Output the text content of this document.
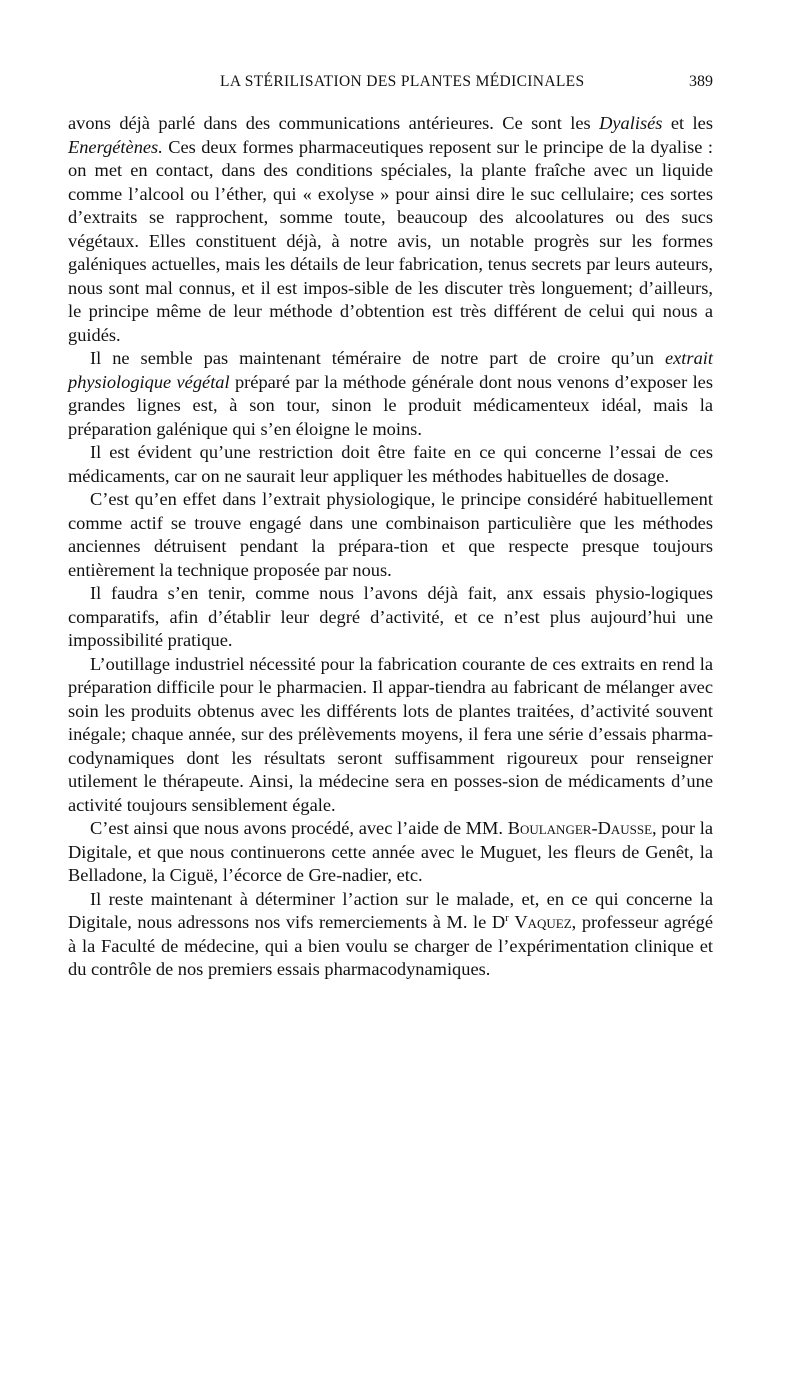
LA STÉRILISATION DES PLANTES MÉDICINALES	389

avons déjà parlé dans des communications antérieures. Ce sont les Dyalisés et les Energétènes. Ces deux formes pharmaceutiques reposent sur le principe de la dyalise : on met en contact, dans des conditions spéciales, la plante fraîche avec un liquide comme l’alcool ou l’éther, qui « exolyse » pour ainsi dire le suc cellulaire; ces sortes d’extraits se rapprochent, somme toute, beaucoup des alcoolatures ou des sucs végétaux. Elles constituent déjà, à notre avis, un notable progrès sur les formes galéniques actuelles, mais les détails de leur fabrication, tenus secrets par leurs auteurs, nous sont mal connus, et il est impos-sible de les discuter très longuement; d’ailleurs, le principe même de leur méthode d’obtention est très différent de celui qui nous a guidés.

Il ne semble pas maintenant téméraire de notre part de croire qu’un extrait physiologique végétal préparé par la méthode générale dont nous venons d’exposer les grandes lignes est, à son tour, sinon le produit médicamenteux idéal, mais la préparation galénique qui s’en éloigne le moins.

Il est évident qu’une restriction doit être faite en ce qui concerne l’essai de ces médicaments, car on ne saurait leur appliquer les méthodes habituelles de dosage.

C’est qu’en effet dans l’extrait physiologique, le principe considéré habituellement comme actif se trouve engagé dans une combinaison particulière que les méthodes anciennes détruisent pendant la prépara-tion et que respecte presque toujours entièrement la technique proposée par nous.

Il faudra s’en tenir, comme nous l’avons déjà fait, anx essais physio-logiques comparatifs, afin d’établir leur degré d’activité, et ce n’est plus aujourd’hui une impossibilité pratique.

L’outillage industriel nécessité pour la fabrication courante de ces extraits en rend la préparation difficile pour le pharmacien. Il appar-tiendra au fabricant de mélanger avec soin les produits obtenus avec les différents lots de plantes traitées, d’activité souvent inégale; chaque année, sur des prélèvements moyens, il fera une série d’essais pharma-codynamiques dont les résultats seront suffisamment rigoureux pour renseigner utilement le thérapeute. Ainsi, la médecine sera en posses-sion de médicaments d’une activité toujours sensiblement égale.

C’est ainsi que nous avons procédé, avec l’aide de MM. Boulanger-Dausse, pour la Digitale, et que nous continuerons cette année avec le Muguet, les fleurs de Genêt, la Belladone, la Ciguë, l’écorce de Gre-nadier, etc.

Il reste maintenant à déterminer l’action sur le malade, et, en ce qui concerne la Digitale, nous adressons nos vifs remerciements à M. le $D^r$ Vaquez, professeur agrégé à la Faculté de médecine, qui a bien voulu se charger de l’expérimentation clinique et du contrôle de nos premiers essais pharmacodynamiques.
